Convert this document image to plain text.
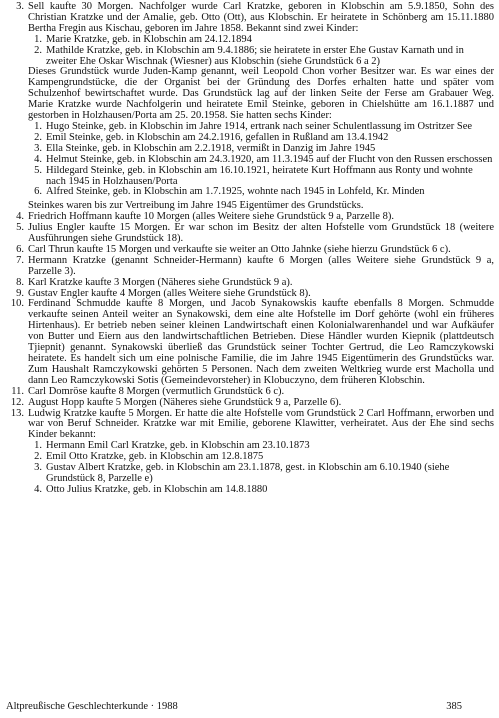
3. Sell kaufte 30 Morgen. Nachfolger wurde Carl Kratzke, geboren in Klobschin am 5.9.1850, Sohn des Christian Kratzke und der Amalie, geb. Otto (Ott), aus Klobschin. Er heiratete in Schönberg am 15.11.1880 Bertha Fregin aus Kischau, geboren im Jahre 1858. Bekannt sind zwei Kinder:
1. Marie Kratzke, geb. in Klobschin am 24.12.1894
2. Mathilde Kratzke, geb. in Klobschin am 9.4.1886; sie heiratete in erster Ehe Gustav Karnath und in zweiter Ehe Oskar Wischnak (Wiesner) aus Klobschin (siehe Grundstück 6 a 2)
Dieses Grundstück wurde Juden-Kamp genannt, weil Leopold Chon vorher Besitzer war. Es war eines der Kampengrundstücke, die der Organist bei der Gründung des Dorfes erhalten hatte und später vom Schulzenhof bewirtschaftet wurde. Das Grundstück lag auf der linken Seite der Ferse am Grabauer Weg. Marie Kratzke wurde Nachfolgerin und heiratete Emil Steinke, geboren in Chielshütte am 16.1.1887 und gestorben in Holzhausen/Porta am 25. 20.1958. Sie hatten sechs Kinder:
1. Hugo Steinke, geb. in Klobschin im Jahre 1914, ertrank nach seiner Schulentlassung im Ostritzer See
2. Emil Steinke, geb. in Klobschin am 24.2.1916, gefallen in Rußland am 13.4.1942
3. Ella Steinke, geb. in Klobschin am 2.2.1918, vermißt in Danzig im Jahre 1945
4. Helmut Steinke, geb. in Klobschin am 24.3.1920, am 11.3.1945 auf der Flucht von den Russen erschossen
5. Hildegard Steinke, geb. in Klobschin am 16.10.1921, heiratete Kurt Hoffmann aus Ronty und wohnte nach 1945 in Holzhausen/Porta
6. Alfred Steinke, geb. in Klobschin am 1.7.1925, wohnte nach 1945 in Lohfeld, Kr. Minden
Steinkes waren bis zur Vertreibung im Jahre 1945 Eigentümer des Grundstücks.
4. Friedrich Hoffmann kaufte 10 Morgen (alles Weitere siehe Grundstück 9 a, Parzelle 8).
5. Julius Engler kaufte 15 Morgen. Er war schon im Besitz der alten Hofstelle vom Grundstück 18 (weitere Ausführungen siehe Grundstück 18).
6. Carl Thrun kaufte 15 Morgen und verkaufte sie weiter an Otto Jahnke (siehe hierzu Grundstück 6 c).
7. Hermann Kratzke (genannt Schneider-Hermann) kaufte 6 Morgen (alles Weitere siehe Grundstück 9 a, Parzelle 3).
8. Karl Kratzke kaufte 3 Morgen (Näheres siehe Grundstück 9 a).
9. Gustav Engler kaufte 4 Morgen (alles Weitere siehe Grundstück 8).
10. Ferdinand Schmudde kaufte 8 Morgen, und Jacob Synakowskis kaufte ebenfalls 8 Morgen. Schmudde verkaufte seinen Anteil weiter an Synakowski, dem eine alte Hofstelle im Dorf gehörte (wohl ein früheres Hirtenhaus). Er betrieb neben seiner kleinen Landwirtschaft einen Kolonialwarenhandel und war Aufkäufer von Butter und Eiern aus den landwirtschaftlichen Betrieben. Diese Händler wurden Kiepnik (plattdeutsch Tjiepnit) genannt. Synakowski überließ das Grundstück seiner Tochter Gertrud, die Leo Ramczykowski heiratete. Es handelt sich um eine polnische Familie, die im Jahre 1945 Eigentümerin des Grundstücks war. Zum Haushalt Ramczykowski gehörten 5 Personen. Nach dem zweiten Weltkrieg wurde erst Macholla und dann Leo Ramczykowski Sotis (Gemeindevorsteher) in Klobuczyno, dem früheren Klobschin.
11. Carl Domröse kaufte 8 Morgen (vermutlich Grundstück 6 c).
12. August Hopp kaufte 5 Morgen (Näheres siehe Grundstück 9 a, Parzelle 6).
13. Ludwig Kratzke kaufte 5 Morgen. Er hatte die alte Hofstelle vom Grundstück 2 Carl Hoffmann, erworben und war von Beruf Schneider. Kratzke war mit Emilie, geborene Klawitter, verheiratet. Aus der Ehe sind sechs Kinder bekannt:
1. Hermann Emil Carl Kratzke, geb. in Klobschin am 23.10.1873
2. Emil Otto Kratzke, geb. in Klobschin am 12.8.1875
3. Gustav Albert Kratzke, geb. in Klobschin am 23.1.1878, gest. in Klobschin am 6.10.1940 (siehe Grundstück 8, Parzelle e)
4. Otto Julius Kratzke, geb. in Klobschin am 14.8.1880
Altpreußische Geschlechterkunde · 1988	385
